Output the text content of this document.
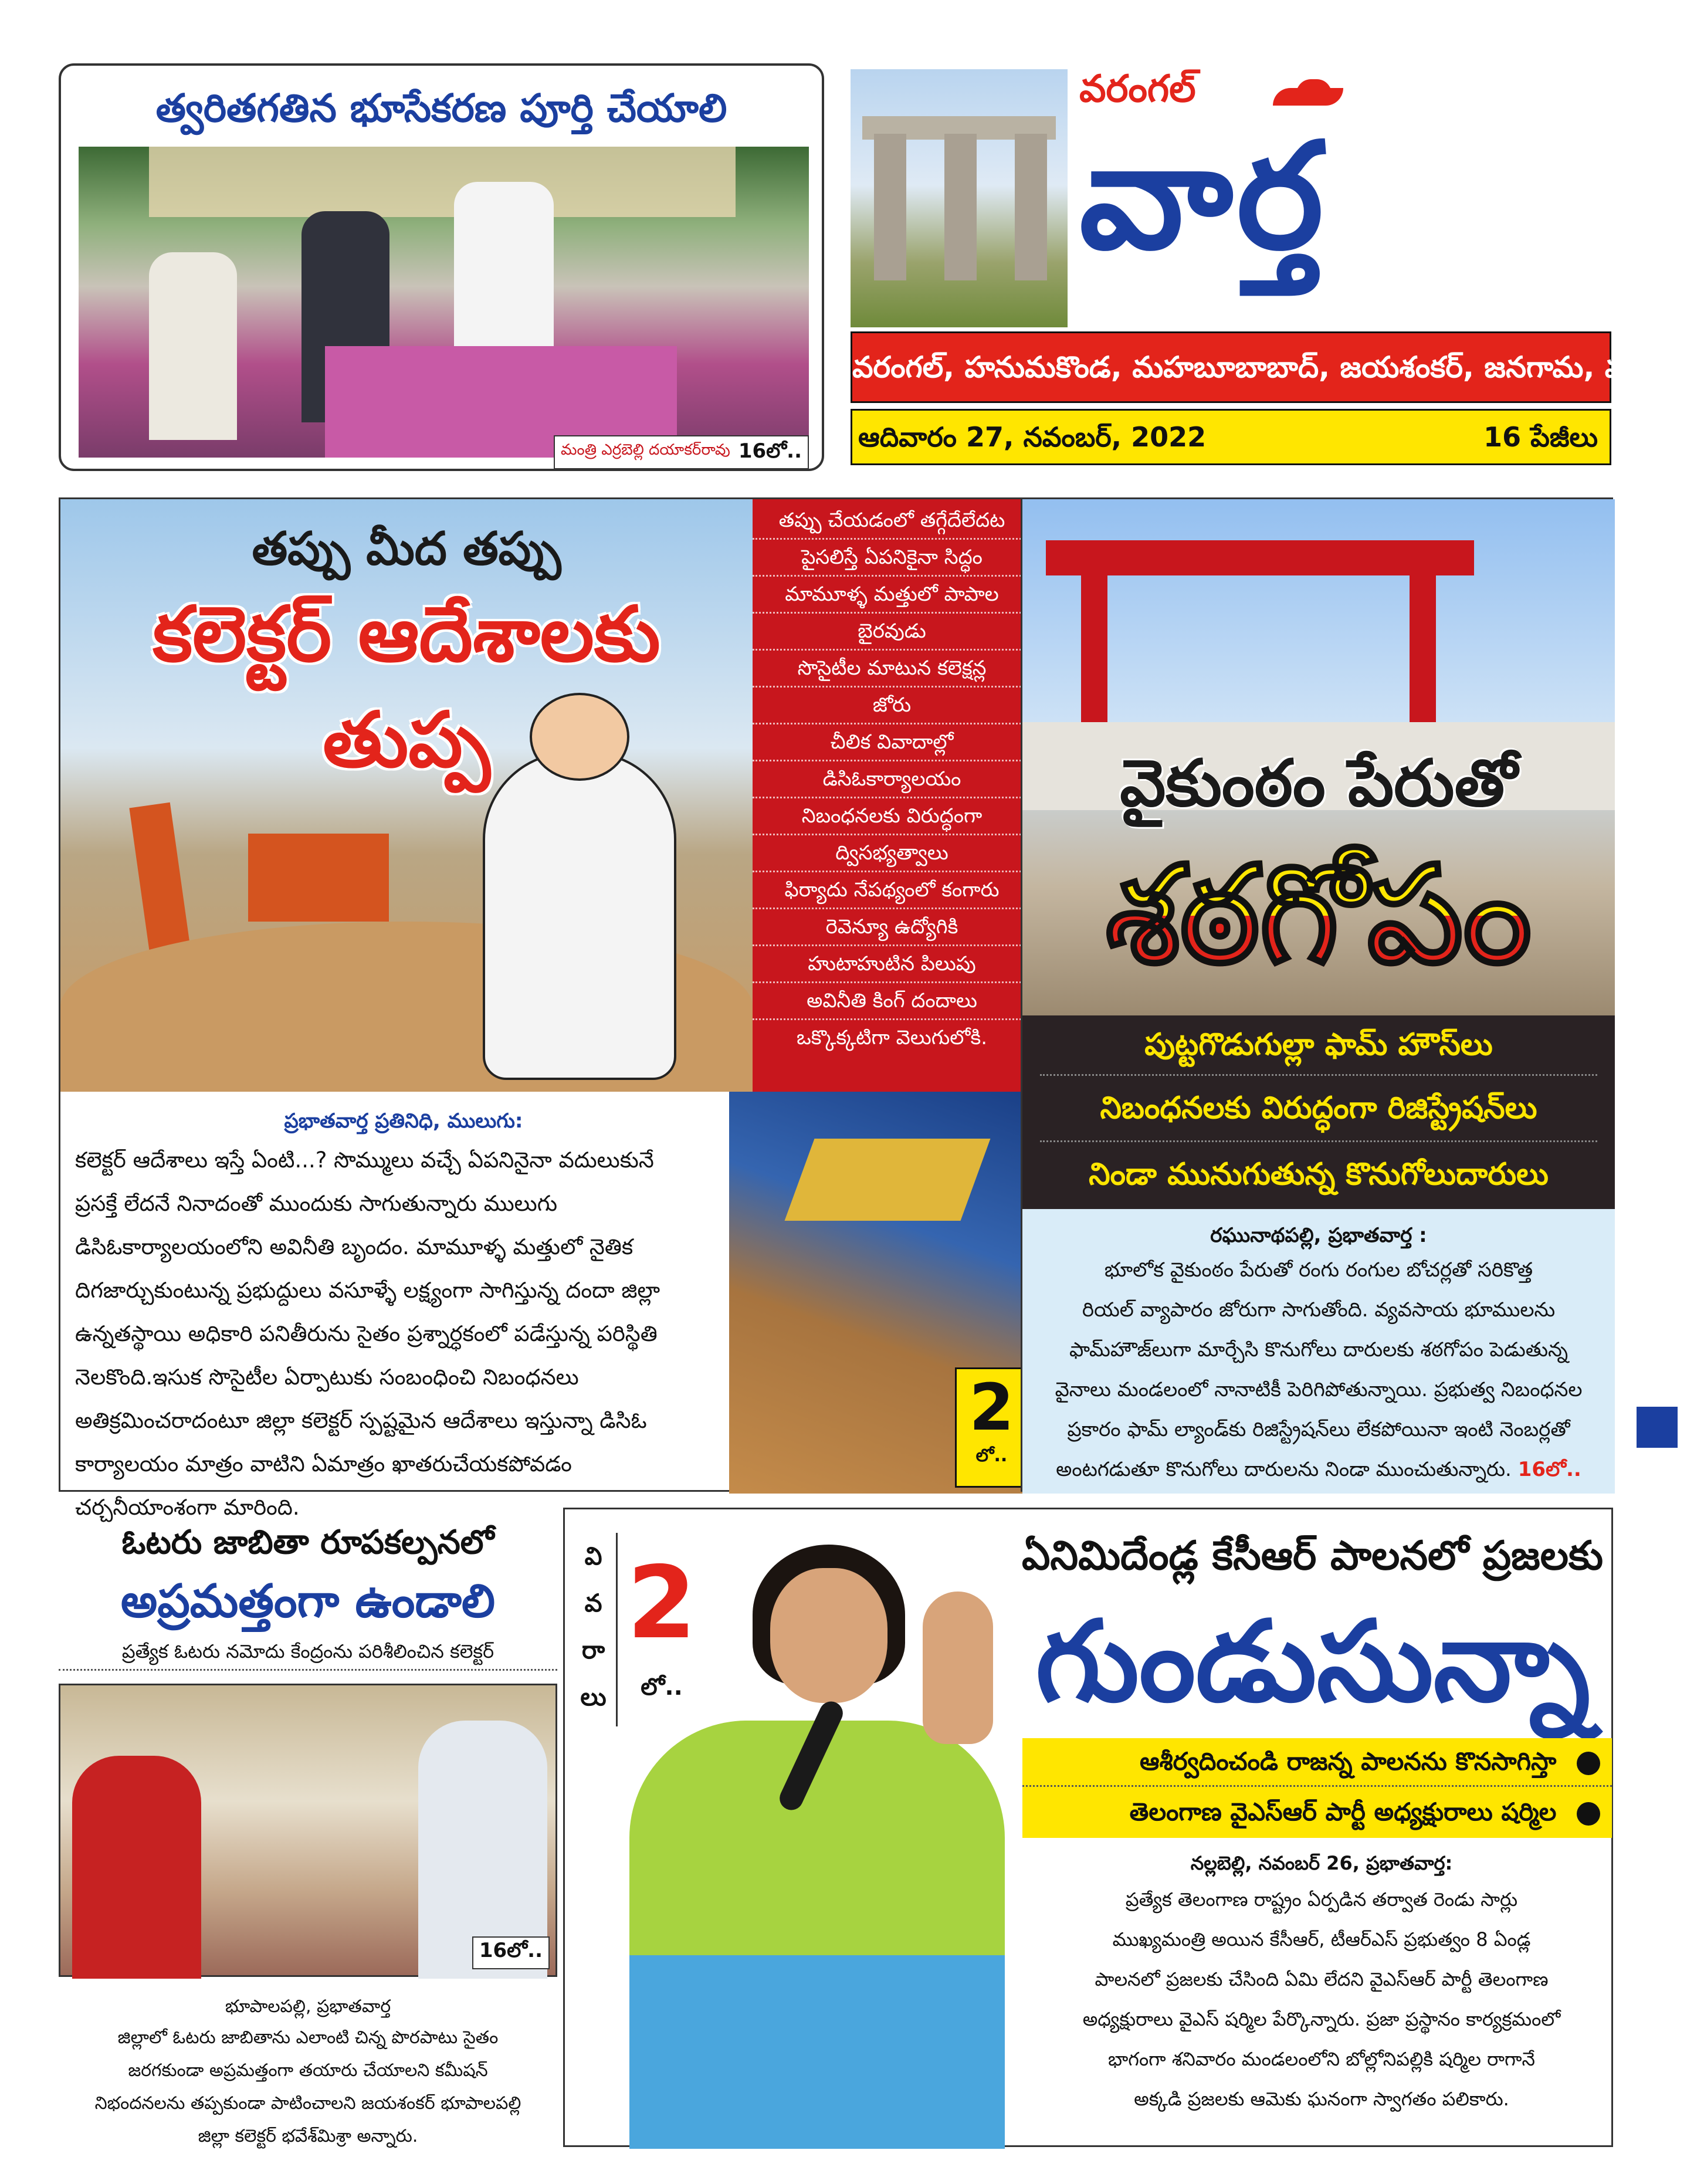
త్వరితగతిన భూసేకరణ పూర్తి చేయాలి
మంత్రి ఎర్రబెల్లి దయాకర్‌రావు 16లో..
వరంగల్
వార్త
వరంగల్, హనుమకొండ, మహబూబాబాద్, జయశంకర్, జనగామ, ములుగు
ఆదివారం 27, నవంబర్, 2022	16 పేజీలు
తప్పు మీద తప్పు
కలెక్టర్ ఆదేశాలకు తుప్ప
తప్పు చేయడంలో తగ్గేదేలేదట
పైసలిస్తే ఏపనికైనా సిద్ధం
మామూళ్ళ మత్తులో పాపాల
బైరవుడు
సొసైటీల మాటున కలెక్షన్ల
జోరు
చీలిక వివాదాల్లో
డిసిఓకార్యాలయం
నిబంధనలకు విరుద్ధంగా
ద్విసభ్యత్వాలు
ఫిర్యాదు నేపథ్యంలో కంగారు
రెవెన్యూ ఉద్యోగికి
హుటాహుటిన పిలుపు
అవినీతి కింగ్ దందాలు
ఒక్కొక్కటిగా వెలుగులోకి.
ప్రభాతవార్త ప్రతినిధి, ములుగు:
కలెక్టర్ ఆదేశాలు ఇస్తే ఏంటి...? సొమ్ములు వచ్చే ఏపనినైనా వదులుకునే
ప్రసక్తే లేదనే నినాదంతో ముందుకు సాగుతున్నారు ములుగు
డిసిఓకార్యాలయంలోని అవినీతి బృందం. మామూళ్ళ మత్తులో నైతిక
దిగజార్చుకుంటున్న ప్రభుద్దులు వసూళ్ళే లక్ష్యంగా సాగిస్తున్న దందా జిల్లా
ఉన్నతస్థాయి అధికారి పనితీరును సైతం ప్రశ్నార్ధకంలో పడేస్తున్న పరిస్థితి
నెలకొంది.ఇసుక సొసైటీల ఏర్పాటుకు సంబంధించి నిబంధనలు
అతిక్రమించరాదంటూ జిల్లా కలెక్టర్ స్పష్టమైన ఆదేశాలు ఇస్తున్నా డిసిఓ
కార్యాలయం మాత్రం వాటిని ఏమాత్రం ఖాతరుచేయకపోవడం
చర్చనీయాంశంగా మారింది.
2
లో..
వైకుంఠం పేరుతో
శఠగోపం
పుట్టగొడుగుల్లా ఫామ్ హౌస్‌లు
నిబంధనలకు విరుద్ధంగా రిజిస్ట్రేషన్‌లు
నిండా మునుగుతున్న కొనుగోలుదారులు
రఘునాథపల్లి, ప్రభాతవార్త :
భూలోక వైకుంఠం పేరుతో రంగు రంగుల బోచర్లతో సరికొత్త
రియల్ వ్యాపారం జోరుగా సాగుతోంది. వ్యవసాయ భూములను
ఫామ్‌హౌజ్‌లుగా మార్చేసి కొనుగోలు దారులకు శఠగోపం పెడుతున్న
వైనాలు మండలంలో నానాటికీ పెరిగిపోతున్నాయి. ప్రభుత్వ నిబంధనల
ప్రకారం ఫామ్ ల్యాండ్‌కు రిజిస్ట్రేషన్‌లు లేకపోయినా ఇంటి నెంబర్లతో
అంటగడుతూ కొనుగోలు దారులను నిండా ముంచుతున్నారు. 16లో..
ఓటరు జాబితా రూపకల్పనలో
అప్రమత్తంగా ఉండాలి
ప్రత్యేక ఓటరు నమోదు కేంద్రంను పరిశీలించిన కలెక్టర్
16లో..
భూపాలపల్లి, ప్రభాతవార్త
జిల్లాలో ఓటరు జాబితాను ఎలాంటి చిన్న పొరపాటు సైతం
జరగకుండా అప్రమత్తంగా తయారు చేయాలని కమీషన్
నిభందనలను తప్పకుండా పాటించాలని జయశంకర్ భూపాలపల్లి
జిల్లా కలెక్టర్ భవేశ్‌మిశ్రా అన్నారు.
వి
వ
రా
లు
2
లో..
ఏనిమిదేండ్ల కేసీఆర్ పాలనలో ప్రజలకు
గుండుసున్నా
ఆశీర్వదించండి రాజన్న పాలనను కొనసాగిస్తా
తెలంగాణ వైఎస్ఆర్ పార్టీ అధ్యక్షురాలు షర్మిల
నల్లబెల్లి, నవంబర్ 26, ప్రభాతవార్త:
ప్రత్యేక తెలంగాణ రాష్ట్రం ఏర్పడిన తర్వాత రెండు సార్లు
ముఖ్యమంత్రి అయిన కేసీఆర్, టీఆర్ఎస్ ప్రభుత్వం 8 ఏండ్ల
పాలనలో ప్రజలకు చేసింది ఏమి లేదని వైఎస్ఆర్ పార్టీ తెలంగాణ
అధ్యక్షురాలు వైఎస్ షర్మిల పేర్కొన్నారు. ప్రజా ప్రస్థానం కార్యక్రమంలో
భాగంగా శనివారం మండలంలోని బోల్లోనిపల్లికి షర్మిల రాగానే
అక్కడి ప్రజలకు ఆమెకు ఘనంగా స్వాగతం పలికారు.
